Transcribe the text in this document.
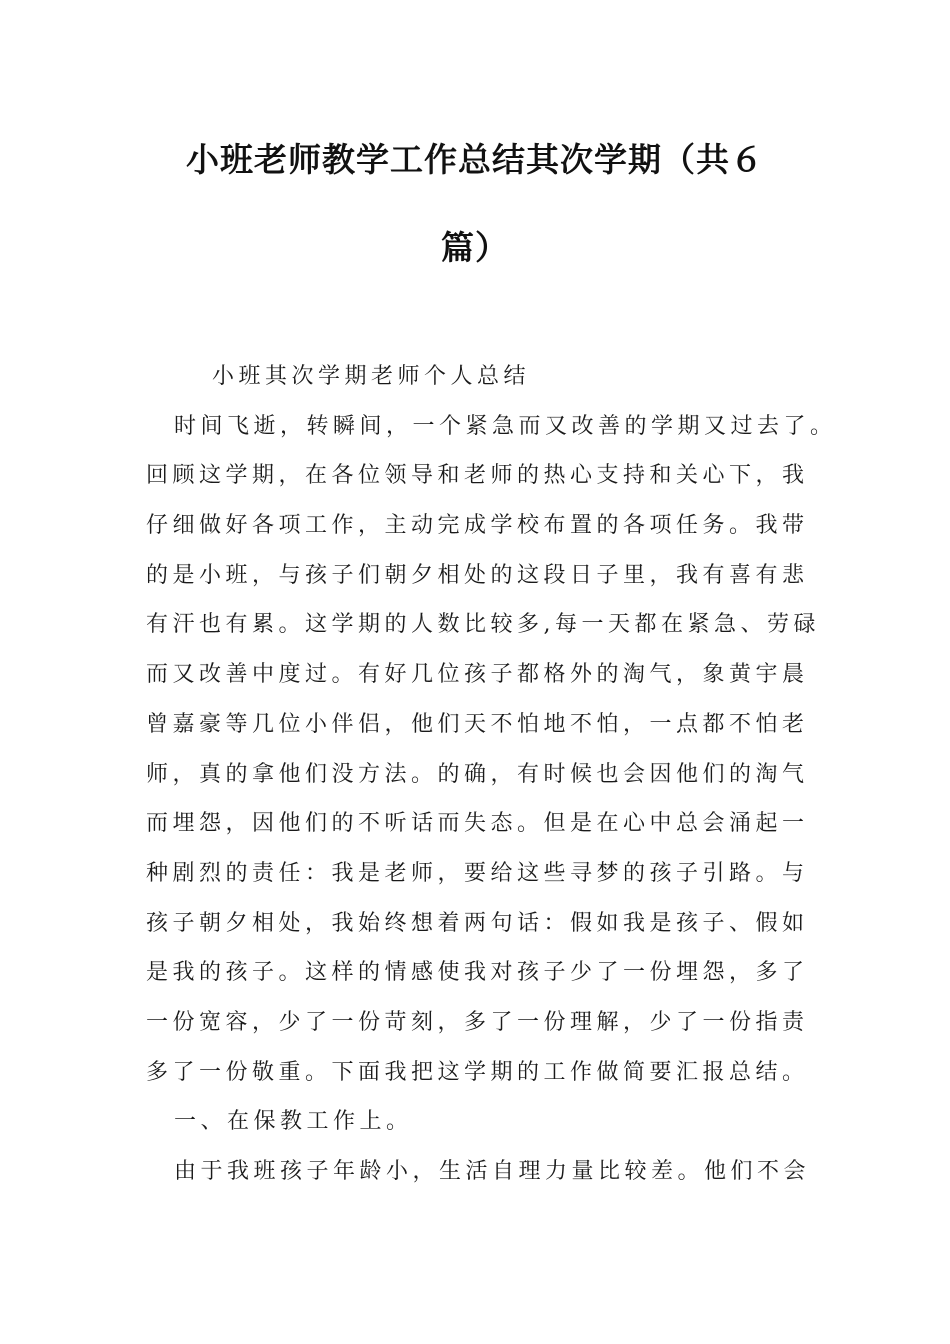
小班老师教学工作总结其次学期（共６
篇）
小班其次学期老师个人总结
时间飞逝，转瞬间，一个紧急而又改善的学期又过去了。
回顾这学期，在各位领导和老师的热心支持和关心下，我
仔细做好各项工作，主动完成学校布置的各项任务。我带
的是小班，与孩子们朝夕相处的这段日子里，我有喜有悲
有汗也有累。这学期的人数比较多,每一天都在紧急、劳碌
而又改善中度过。有好几位孩子都格外的淘气，象黄宇晨
曾嘉豪等几位小伴侣，他们天不怕地不怕，一点都不怕老
师，真的拿他们没方法。的确，有时候也会因他们的淘气
而埋怨，因他们的不听话而失态。但是在心中总会涌起一
种剧烈的责任：我是老师，要给这些寻梦的孩子引路。与
孩子朝夕相处，我始终想着两句话：假如我是孩子、假如
是我的孩子。这样的情感使我对孩子少了一份埋怨，多了
一份宽容，少了一份苛刻，多了一份理解，少了一份指责
多了一份敬重。下面我把这学期的工作做简要汇报总结。
一、在保教工作上。
由于我班孩子年龄小，生活自理力量比较差。他们不会
